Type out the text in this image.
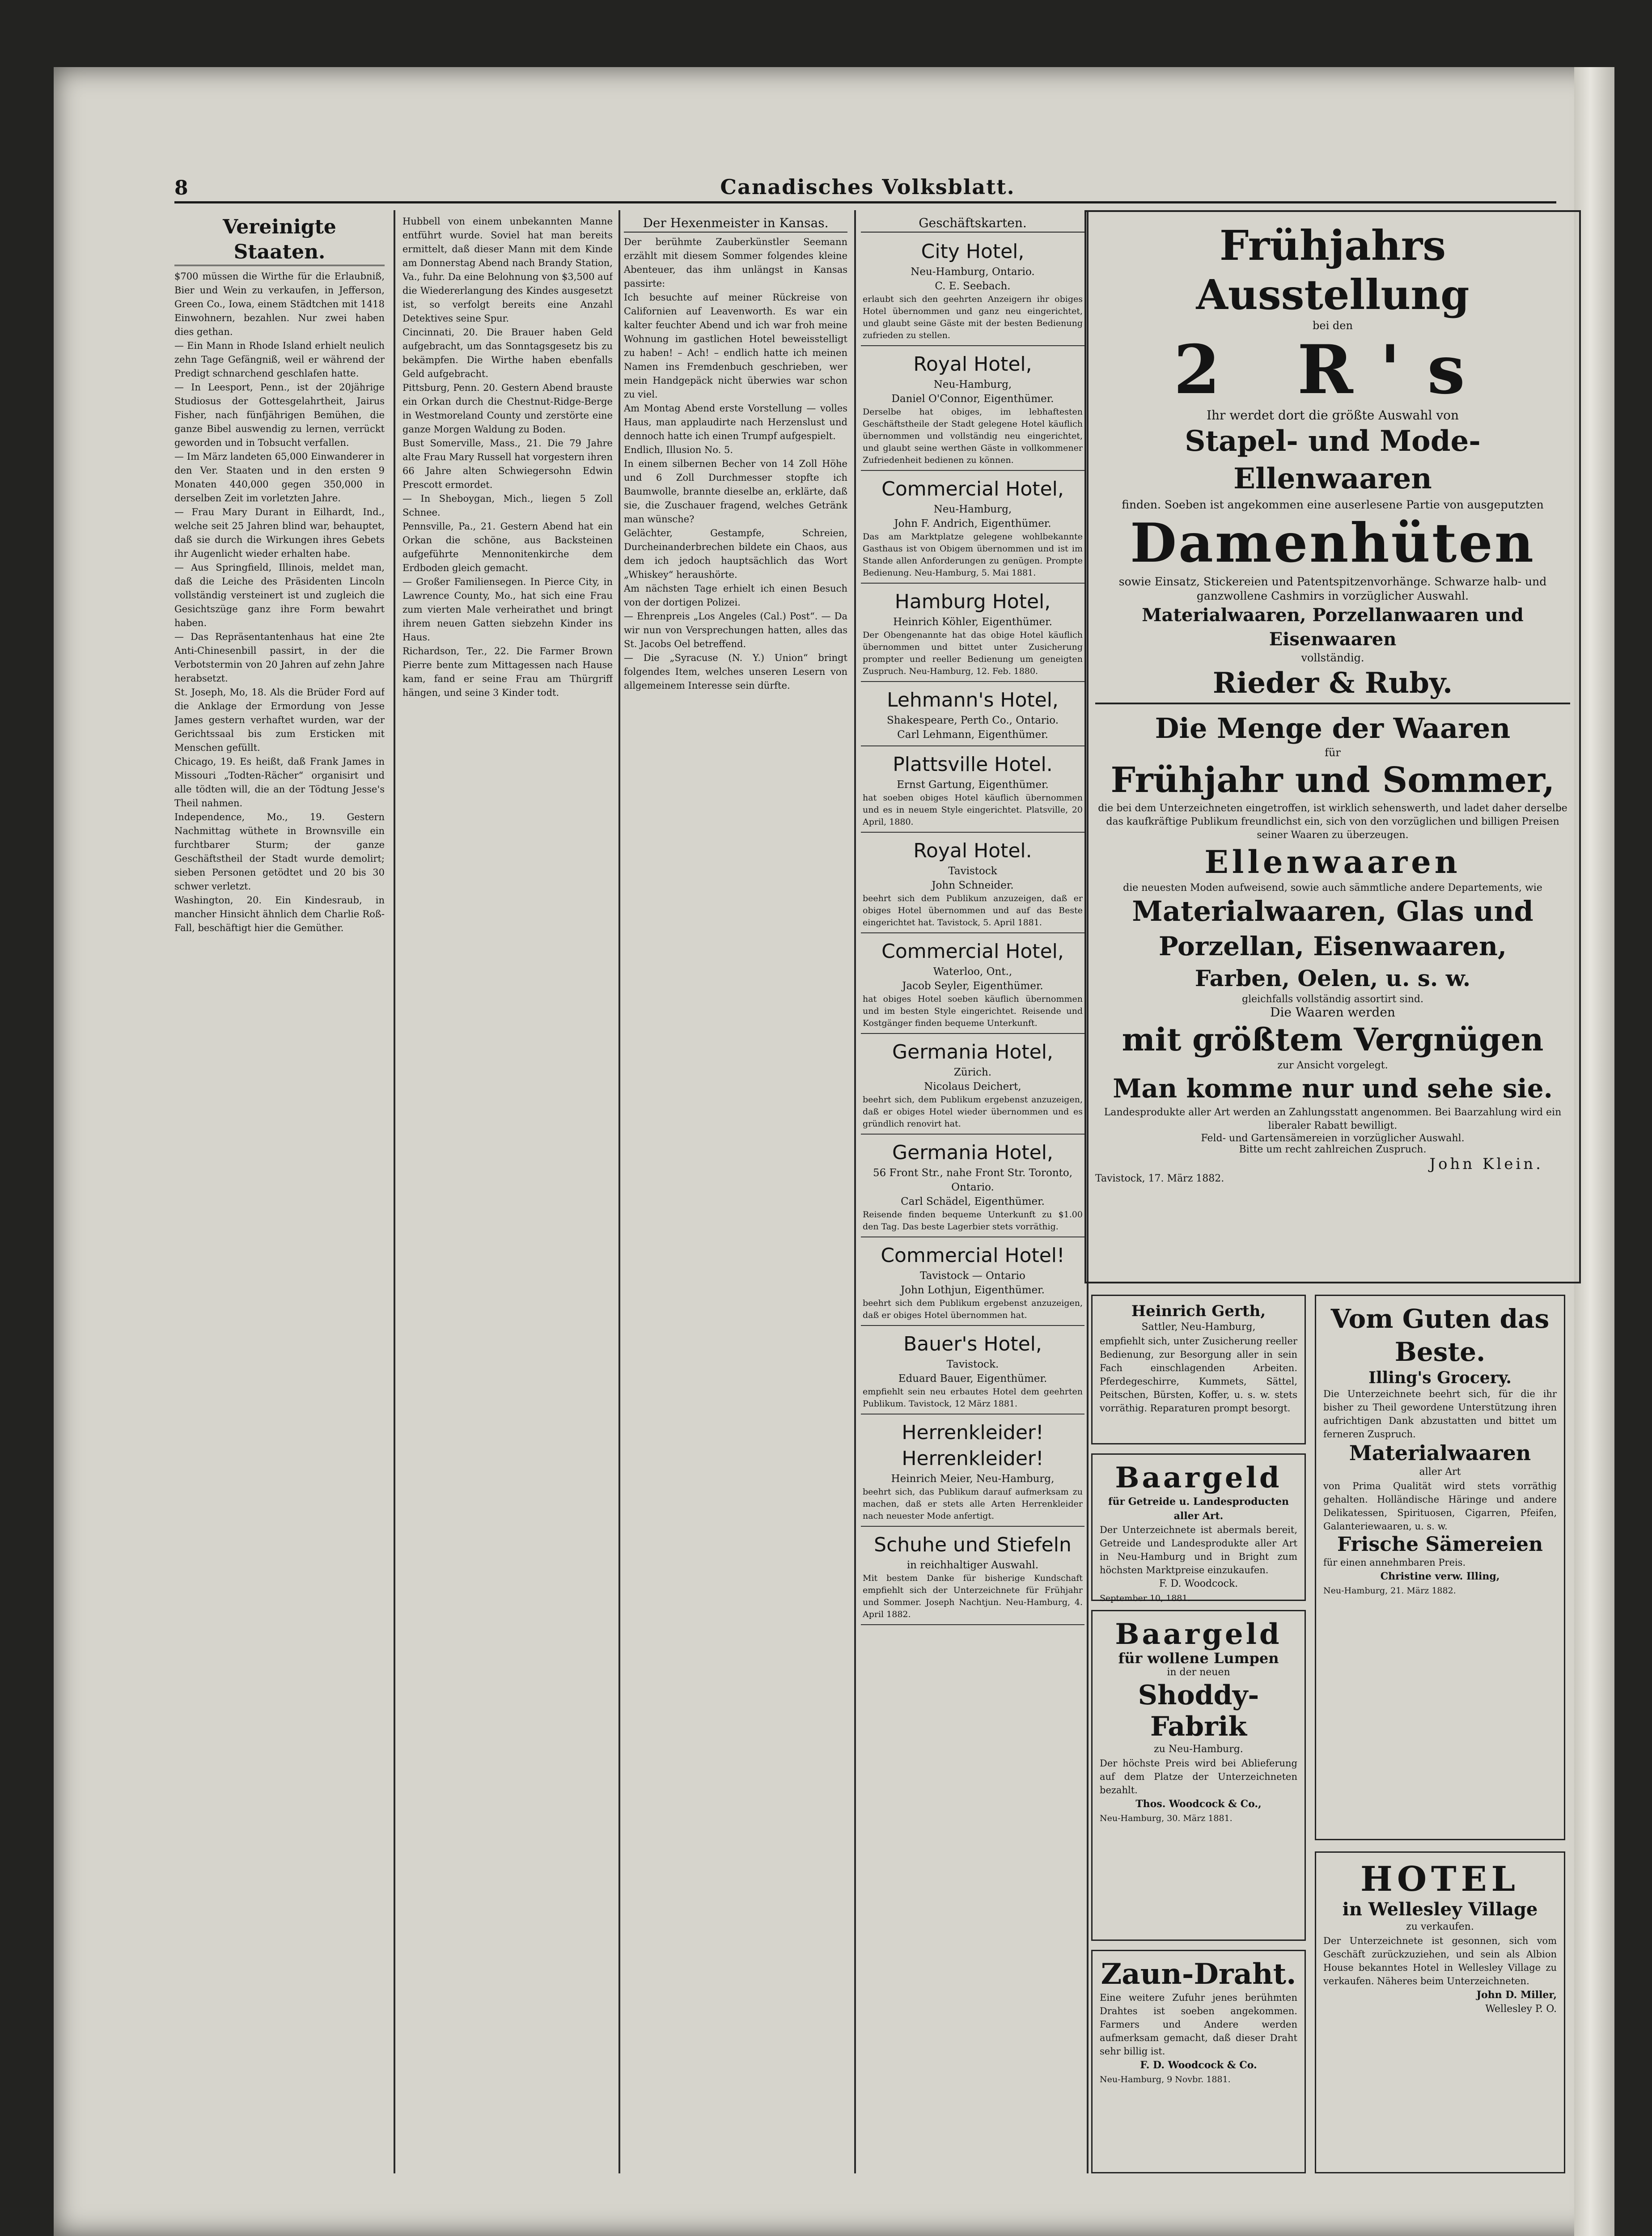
8	Canadisches Volksblatt.
Vereinigte Staaten.

$700 müssen die Wirthe für die Erlaubniß, Bier und Wein zu verkaufen, in Jefferson, Green Co., Iowa, einem Städtchen mit 1418 Einwohnern, bezahlen. Nur zwei haben dies gethan.

— Ein Mann in Rhode Island erhielt neulich zehn Tage Gefängniß, weil er während der Predigt schnarchend geschlafen hatte.

— In Leesport, Penn., ist der 20jährige Studiosus der Gottesgelahrtheit, Jairus Fisher, nach fünfjährigen Bemühen, die ganze Bibel auswendig zu lernen, verrückt geworden und in Tobsucht verfallen.

— Im März landeten 65,000 Einwanderer in den Ver. Staaten und in den ersten 9 Monaten 440,000 gegen 350,000 in derselben Zeit im vorletzten Jahre.

— Frau Mary Durant in Eilhardt, Ind., welche seit 25 Jahren blind war, behauptet, daß sie durch die Wirkungen ihres Gebets ihr Augenlicht wieder erhalten habe.

— Aus Springfield, Illinois, meldet man, daß die Leiche des Präsidenten Lincoln vollständig versteinert ist und zugleich die Gesichtszüge ganz ihre Form bewahrt haben.

— Das Repräsentantenhaus hat eine 2te Anti-Chinesenbill passirt, in der die Verbotstermin von 20 Jahren auf zehn Jahre herabsetzt.

St. Joseph, Mo, 18. Als die Brüder Ford auf die Anklage der Ermordung von Jesse James gestern verhaftet wurden, war der Gerichtssaal bis zum Ersticken mit Menschen gefüllt.

Chicago, 19. Es heißt, daß Frank James in Missouri „Todten-Rächer“ organisirt und alle tödten will, die an der Tödtung Jesse's Theil nahmen.

Independence, Mo., 19. Gestern Nachmittag wüthete in Brownsville ein furchtbarer Sturm; der ganze Geschäftstheil der Stadt wurde demolirt; sieben Personen getödtet und 20 bis 30 schwer verletzt.

Washington, 20. Ein Kindesraub, in mancher Hinsicht ähnlich dem Charlie Roß-Fall, beschäftigt hier die Gemüther.

Hubbell von einem unbekannten Manne entführt wurde. Soviel hat man bereits ermittelt, daß dieser Mann mit dem Kinde am Donnerstag Abend nach Brandy Station, Va., fuhr. Da eine Belohnung von $3,500 auf die Wiedererlangung des Kindes ausgesetzt ist, so verfolgt bereits eine Anzahl Detektives seine Spur.

Cincinnati, 20. Die Brauer haben Geld aufgebracht, um das Sonntagsgesetz bis zu bekämpfen. Die Wirthe haben ebenfalls Geld aufgebracht.

Pittsburg, Penn. 20. Gestern Abend brauste ein Orkan durch die Chestnut-Ridge-Berge in Westmoreland County und zerstörte eine ganze Morgen Waldung zu Boden.

Bust Somerville, Mass., 21. Die 79 Jahre alte Frau Mary Russell hat vorgestern ihren 66 Jahre alten Schwiegersohn Edwin Prescott ermordet.

— In Sheboygan, Mich., liegen 5 Zoll Schnee.

Pennsville, Pa., 21. Gestern Abend hat ein Orkan die schöne, aus Backsteinen aufgeführte Mennonitenkirche dem Erdboden gleich gemacht.

— Großer Familiensegen. In Pierce City, in Lawrence County, Mo., hat sich eine Frau zum vierten Male verheirathet und bringt ihrem neuen Gatten siebzehn Kinder ins Haus.

Richardson, Ter., 22. Die Farmer Brown Pierre bente zum Mittagessen nach Hause kam, fand er seine Frau am Thürgriff hängen, und seine 3 Kinder todt.

Der Hexenmeister in Kansas.

Der berühmte Zauberkünstler Seemann erzählt mit diesem Sommer folgendes kleine Abenteuer, das ihm unlängst in Kansas passirte:

Ich besuchte auf meiner Rückreise von Californien auf Leavenworth. Es war ein kalter feuchter Abend und ich war froh meine Wohnung im gastlichen Hotel beweisstelligt zu haben! – Ach! – endlich hatte ich meinen Namen ins Fremdenbuch geschrieben, wer mein Handgepäck nicht überwies war schon zu viel.

Am Montag Abend erste Vorstellung — volles Haus, man applaudirte nach Herzenslust und dennoch hatte ich einen Trumpf aufgespielt.

Endlich, Illusion No. 5.

In einem silbernen Becher von 14 Zoll Höhe und 6 Zoll Durchmesser stopfte ich Baumwolle, brannte dieselbe an, erklärte, daß sie, die Zuschauer fragend, welches Getränk man wünsche?

Gelächter, Gestampfe, Schreien, Durcheinanderbrechen bildete ein Chaos, aus dem ich jedoch hauptsächlich das Wort „Whiskey“ heraushörte.

Am nächsten Tage erhielt ich einen Besuch von der dortigen Polizei.

— Ehrenpreis „Los Angeles (Cal.) Post“. — Da wir nun von Versprechungen hatten, alles das St. Jacobs Oel betreffend.

— Die „Syracuse (N. Y.) Union“ bringt folgendes Item, welches unseren Lesern von allgemeinem Interesse sein dürfte.

Geschäftskarten.
City Hotel,
Neu-Hamburg, Ontario.
C. E. Seebach.
erlaubt sich den geehrten Anzeigern ihr obiges Hotel übernommen und ganz neu eingerichtet, und glaubt seine Gäste mit der besten Bedienung zufrieden zu stellen.
Royal Hotel,
Neu-Hamburg,
Daniel O'Connor, Eigenthümer.
Derselbe hat obiges, im lebhaftesten Geschäftstheile der Stadt gelegene Hotel käuflich übernommen und vollständig neu eingerichtet, und glaubt seine werthen Gäste in vollkommener Zufriedenheit bedienen zu können.
Commercial Hotel,
Neu-Hamburg,
John F. Andrich, Eigenthümer.
Das am Marktplatze gelegene wohlbekannte Gasthaus ist von Obigem übernommen und ist im Stande allen Anforderungen zu genügen. Prompte Bedienung. Neu-Hamburg, 5. Mai 1881.
Hamburg Hotel,
Heinrich Köhler, Eigenthümer.
Der Obengenannte hat das obige Hotel käuflich übernommen und bittet unter Zusicherung prompter und reeller Bedienung um geneigten Zuspruch. Neu-Hamburg, 12. Feb. 1880.
Lehmann's Hotel,
Shakespeare, Perth Co., Ontario.
Carl Lehmann, Eigenthümer.
Plattsville Hotel.
Ernst Gartung, Eigenthümer.
hat soeben obiges Hotel käuflich übernommen und es in neuem Style eingerichtet. Platsville, 20 April, 1880.
Royal Hotel.
Tavistock
John Schneider.
beehrt sich dem Publikum anzuzeigen, daß er obiges Hotel übernommen und auf das Beste eingerichtet hat. Tavistock, 5. April 1881.
Commercial Hotel,
Waterloo, Ont.,
Jacob Seyler, Eigenthümer.
hat obiges Hotel soeben käuflich übernommen und im besten Style eingerichtet. Reisende und Kostgänger finden bequeme Unterkunft.
Germania Hotel,
Zürich.
Nicolaus Deichert,
beehrt sich, dem Publikum ergebenst anzuzeigen, daß er obiges Hotel wieder übernommen und es gründlich renovirt hat.
Germania Hotel,
56 Front Str., nahe Front Str. Toronto, Ontario.
Carl Schädel, Eigenthümer.
Reisende finden bequeme Unterkunft zu $1.00 den Tag. Das beste Lagerbier stets vorräthig.
Commercial Hotel!
Tavistock — Ontario
John Lothjun, Eigenthümer.
beehrt sich dem Publikum ergebenst anzuzeigen, daß er obiges Hotel übernommen hat.
Bauer's Hotel,
Tavistock.
Eduard Bauer, Eigenthümer.
empfiehlt sein neu erbautes Hotel dem geehrten Publikum. Tavistock, 12 März 1881.
Herrenkleider! Herrenkleider!
Heinrich Meier, Neu-Hamburg,
beehrt sich, das Publikum darauf aufmerksam zu machen, daß er stets alle Arten Herrenkleider nach neuester Mode anfertigt.
Schuhe und Stiefeln
in reichhaltiger Auswahl.
Mit bestem Danke für bisherige Kundschaft empfiehlt sich der Unterzeichnete für Frühjahr und Sommer. Joseph Nachtjun. Neu-Hamburg, 4. April 1882.
Frühjahrs Ausstellung
bei den
2 R's
Ihr werdet dort die größte Auswahl von
Stapel- und Mode-Ellenwaaren
finden. Soeben ist angekommen eine auserlesene Partie von ausgeputzten
Damenhüten
sowie Einsatz, Stickereien und Patentspitzenvorhänge. Schwarze halb- und ganzwollene Cashmirs in vorzüglicher Auswahl.
Materialwaaren, Porzellanwaaren und Eisenwaaren
vollständig.
Rieder & Ruby.
Die Menge der Waaren
für
Frühjahr und Sommer,
die bei dem Unterzeichneten eingetroffen, ist wirklich sehenswerth, und ladet daher derselbe das kaufkräftige Publikum freundlichst ein, sich von den vorzüglichen und billigen Preisen seiner Waaren zu überzeugen.
Ellenwaaren
die neuesten Moden aufweisend, sowie auch sämmtliche andere Departements, wie
Materialwaaren, Glas und
Porzellan, Eisenwaaren,
Farben, Oelen, u. s. w.
gleichfalls vollständig assortirt sind.
Die Waaren werden
mit größtem Vergnügen
zur Ansicht vorgelegt.
Man komme nur und sehe sie.
Landesprodukte aller Art werden an Zahlungsstatt angenommen. Bei Baarzahlung wird ein liberaler Rabatt bewilligt.
Feld- und Gartensämereien in vorzüglicher Auswahl.
Bitte um recht zahlreichen Zuspruch.
John Klein.
Tavistock, 17. März 1882.
Heinrich Gerth,
Sattler, Neu-Hamburg,
empfiehlt sich, unter Zusicherung reeller Bedienung, zur Besorgung aller in sein Fach einschlagenden Arbeiten. Pferdegeschirre, Kummets, Sättel, Peitschen, Bürsten, Koffer, u. s. w. stets vorräthig. Reparaturen prompt besorgt.
Baargeld
für Getreide u. Landesproducten aller Art.
Der Unterzeichnete ist abermals bereit, Getreide und Landesprodukte aller Art in Neu-Hamburg und in Bright zum höchsten Marktpreise einzukaufen.
F. D. Woodcock.
September 10, 1881.
Baargeld
für wollene Lumpen
in der neuen
Shoddy-Fabrik
zu Neu-Hamburg.
Der höchste Preis wird bei Ablieferung auf dem Platze der Unterzeichneten bezahlt.
Thos. Woodcock & Co.,
Neu-Hamburg, 30. März 1881.
Zaun-Draht.
Eine weitere Zufuhr jenes berühmten Drahtes ist soeben angekommen. Farmers und Andere werden aufmerksam gemacht, daß dieser Draht sehr billig ist.
F. D. Woodcock & Co.
Neu-Hamburg, 9 Novbr. 1881.
Vom Guten das Beste.
Illing's Grocery.
Die Unterzeichnete beehrt sich, für die ihr bisher zu Theil gewordene Unterstützung ihren aufrichtigen Dank abzustatten und bittet um ferneren Zuspruch.
Materialwaaren
aller Art
von Prima Qualität wird stets vorräthig gehalten. Holländische Häringe und andere Delikatessen, Spirituosen, Cigarren, Pfeifen, Galanteriewaaren, u. s. w.
Frische Sämereien
für einen annehmbaren Preis.
Christine verw. Illing,
Neu-Hamburg, 21. März 1882.
HOTEL
in Wellesley Village
zu verkaufen.
Der Unterzeichnete ist gesonnen, sich vom Geschäft zurückzuziehen, und sein als Albion House bekanntes Hotel in Wellesley Village zu verkaufen. Näheres beim Unterzeichneten.
John D. Miller,
Wellesley P. O.
